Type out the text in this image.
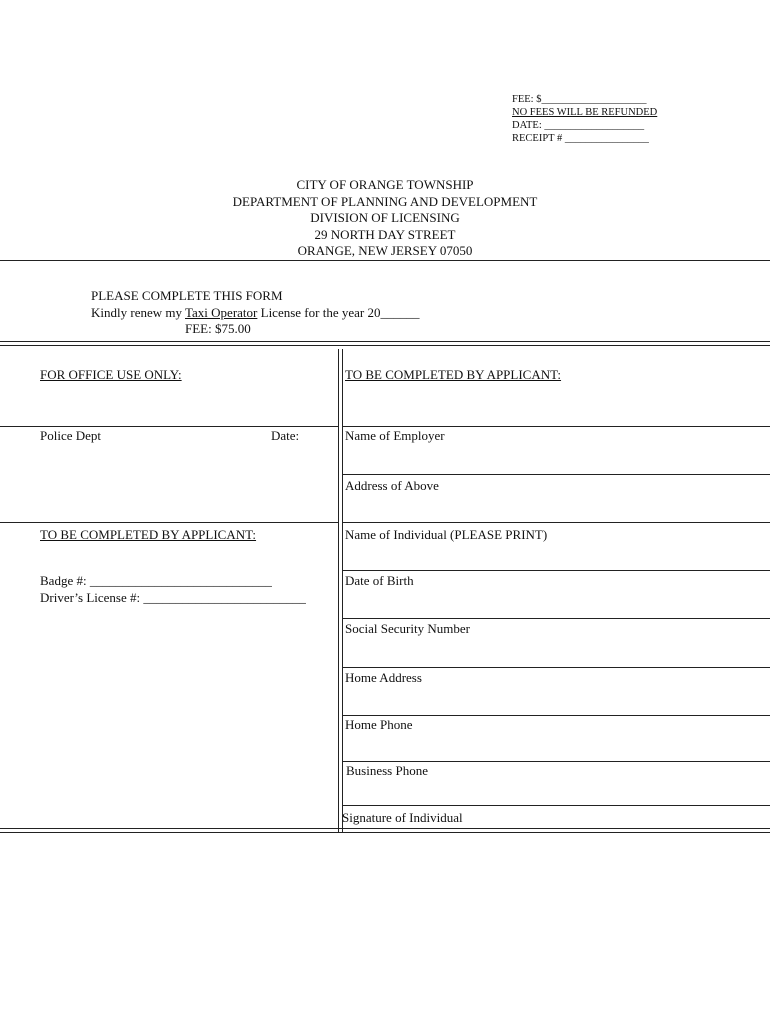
FEE: $____________________
NO FEES WILL BE REFUNDED
DATE: ___________________
RECEIPT # ________________
CITY OF ORANGE TOWNSHIP
DEPARTMENT OF PLANNING AND DEVELOPMENT
DIVISION OF LICENSING
29 NORTH DAY STREET
ORANGE, NEW JERSEY 07050
PLEASE COMPLETE THIS FORM
Kindly renew my Taxi Operator License for the year 20______
FEE: $75.00
FOR OFFICE USE ONLY:
Police Dept	Date:
TO BE COMPLETED BY APPLICANT:
Badge #: ____________________________
Driver’s License #: _________________________
TO BE COMPLETED BY APPLICANT:
Name of Employer
Address of Above
Name of Individual (PLEASE PRINT)
Date of Birth
Social Security Number
Home Address
Home Phone
Business Phone
Signature of Individual
